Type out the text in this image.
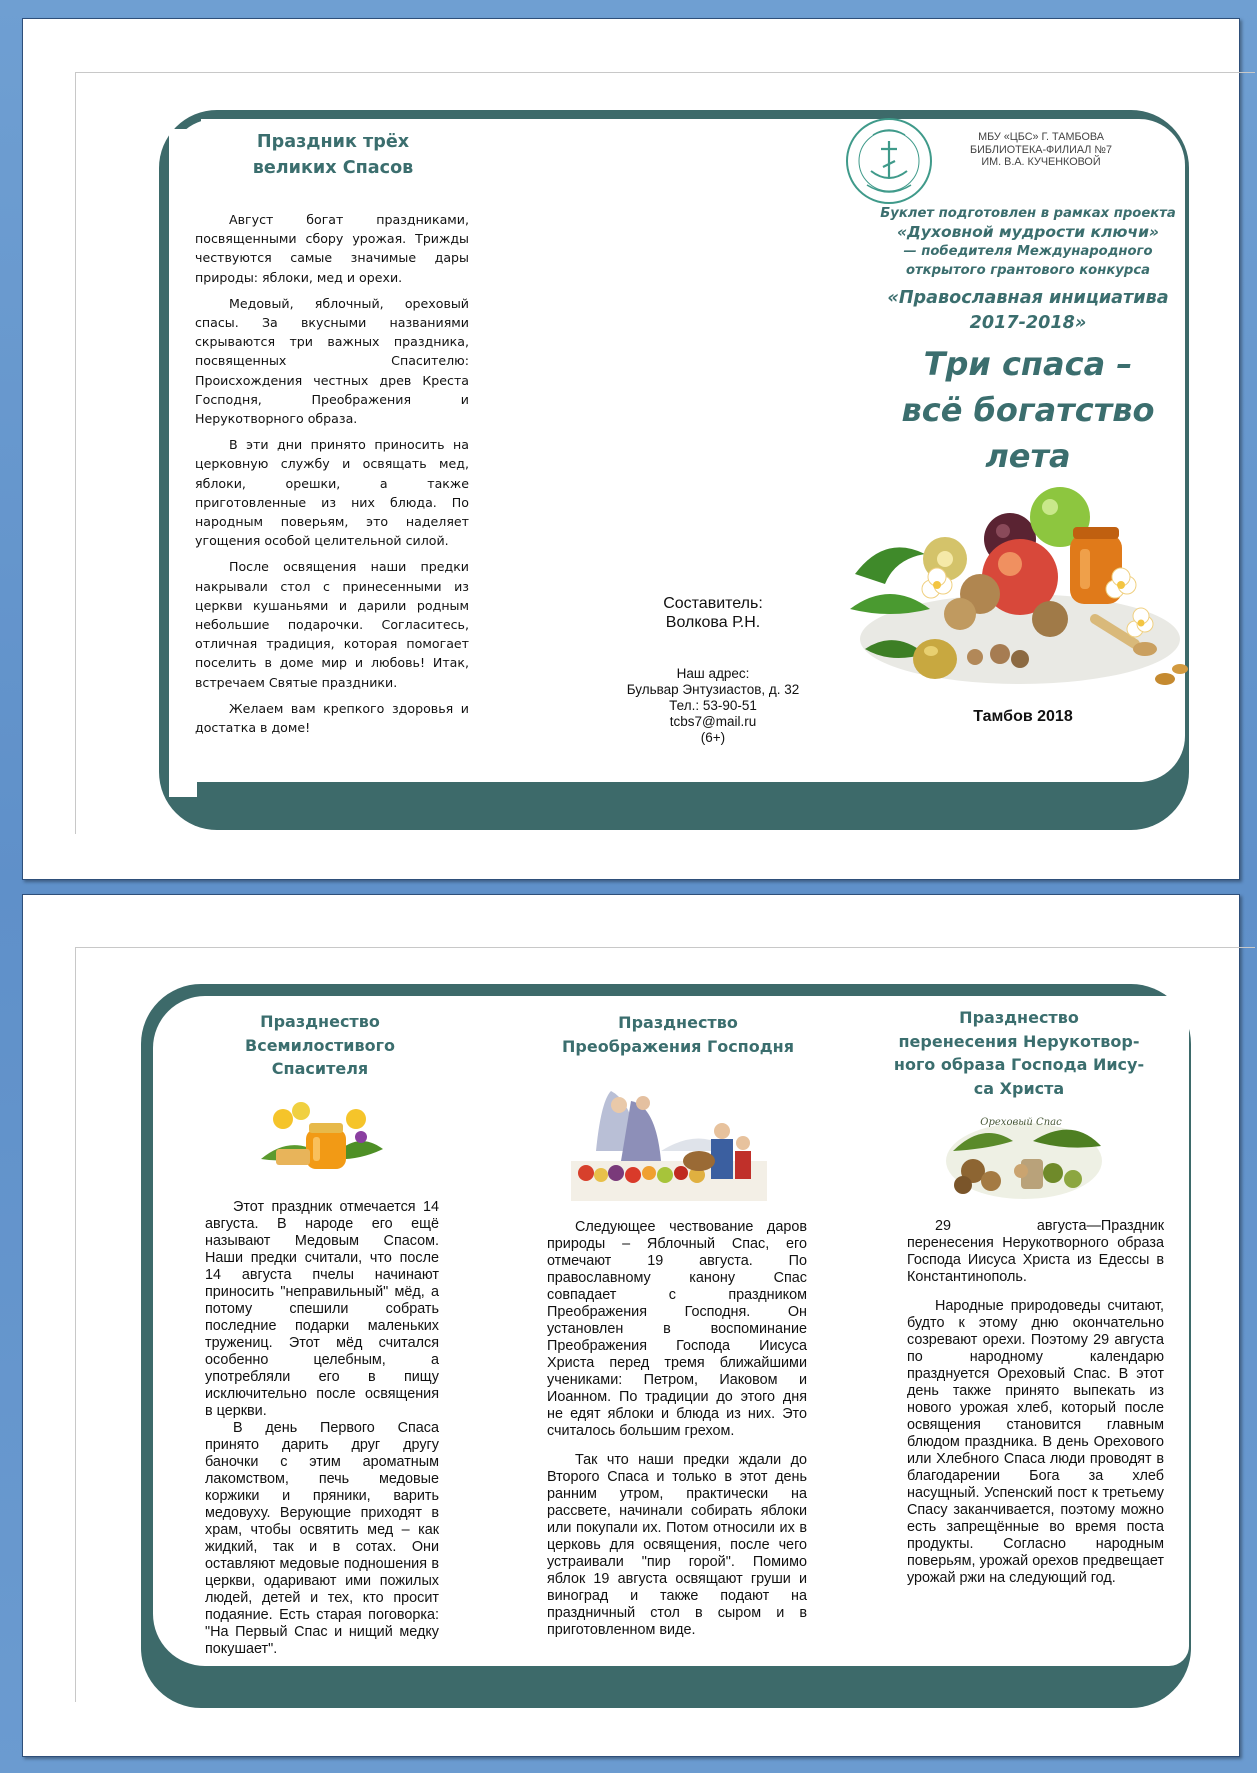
Праздник трёх
великих Спасов

Август богат праздниками, посвященными сбору урожая. Трижды чествуются самые значимые дары природы: яблоки, мед и орехи.

Медовый, яблочный, ореховый спасы. За вкусными названиями скрываются три важных праздника, посвященных Спасителю: Происхождения честных древ Креста Господня, Преображения и Нерукотворного образа.

В эти дни принято приносить на церковную службу и освящать мед, яблоки, орешки, а также приготовленные из них блюда. По народным поверьям, это наделяет угощения особой целительной силой.

После освящения наши предки накрывали стол с принесенными из церкви кушаньями и дарили родным небольшие подарочки. Согласитесь, отличная традиция, которая помогает поселить в доме мир и любовь! Итак, встречаем Святые праздники.

Желаем вам крепкого здоровья и достатка в доме!

Составитель:
Волкова Р.Н.
Наш адрес:
Бульвар Энтузиастов, д. 32
Тел.: 53-90-51
tcbs7@mail.ru
(6+)
МБУ «ЦБС» Г. ТАМБОВА
БИБЛИОТЕКА-ФИЛИАЛ №7
ИМ. В.А. КУЧЕНКОВОЙ
Буклет подготовлен в рамках проекта
«Духовной мудрости ключи»
— победителя Международного
открытого грантового конкурса
«Православная инициатива
2017-2018»
Три спаса –
всё богатство
лета
Тамбов 2018
Празднество
Всемилостивого
Спасителя

Этот праздник отмечается 14 августа. В народе его ещё называют Медовым Спасом. Наши предки считали, что после 14 августа пчелы начинают приносить "неправильный" мёд, а потому спешили собрать последние подарки маленьких тружениц. Этот мёд считался особенно целебным, а употребляли его в пищу исключительно после освящения в церкви.

В день Первого Спаса принято дарить друг другу баночки с этим ароматным лакомством, печь медовые коржики и пряники, варить медовуху. Верующие приходят в храм, чтобы освятить мед – как жидкий, так и в сотах. Они оставляют медовые подношения в церкви, одаривают ими пожилых людей, детей и тех, кто просит подаяние. Есть старая поговорка: "На Первый Спас и нищий медку покушает".

Празднество
Преображения Господня

Следующее чествование даров природы – Яблочный Спас, его отмечают 19 августа. По православному канону Спас совпадает с праздником Преображения Господня. Он установлен в воспоминание Преображения Господа Иисуса Христа перед тремя ближайшими учениками: Петром, Иаковом и Иоанном. По традиции до этого дня не едят яблоки и блюда из них. Это считалось большим грехом.

Так что наши предки ждали до Второго Спаса и только в этот день ранним утром, практически на рассвете, начинали собирать яблоки или покупали их. Потом относили их в церковь для освящения, после чего устраивали "пир горой". Помимо яблок 19 августа освящают груши и виноград и также подают на праздничный стол в сыром и в приготовленном виде.

Празднество
перенесения Нерукотвор-
ного образа Господа Иису-
са Христа
Ореховый Спас

29 августа—Праздник перенесения Нерукотворного образа Господа Иисуса Христа из Едессы в Константинополь.

Народные природоведы считают, будто к этому дню окончательно созревают орехи. Поэтому 29 августа по народному календарю празднуется Ореховый Спас. В этот день также принято выпекать из нового урожая хлеб, который после освящения становится главным блюдом праздника. В день Орехового или Хлебного Спаса люди проводят в благодарении Бога за хлеб насущный. Успенский пост к третьему Спасу заканчивается, поэтому можно есть запрещённые во время поста продукты. Согласно народным поверьям, урожай орехов предвещает урожай ржи на следующий год.
